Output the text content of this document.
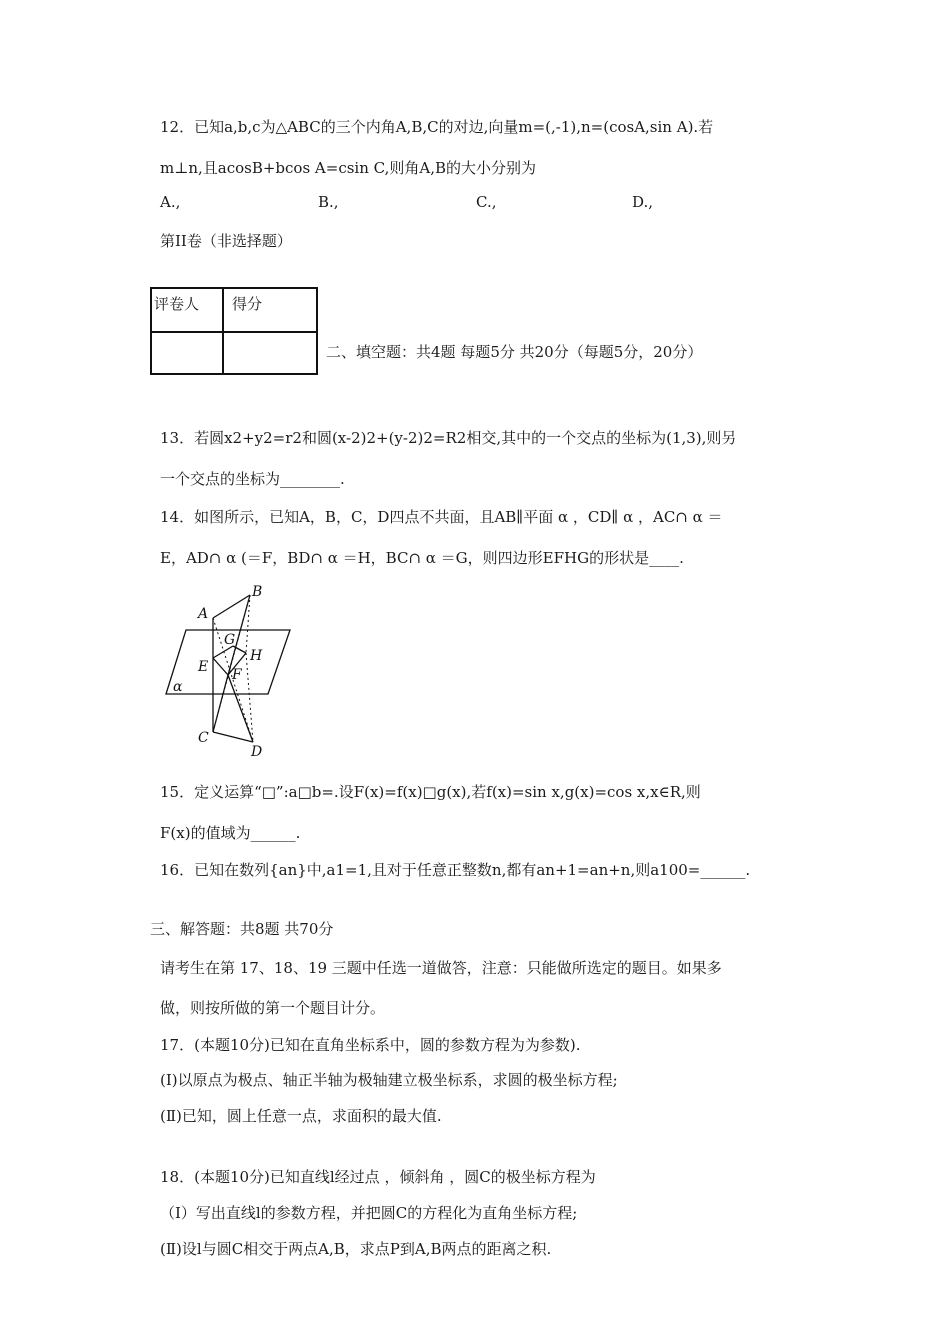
12．已知a,b,c为△ABC的三个内角A,B,C的对边,向量m=(,-1),n=(cosA,sin A).若
m⊥n,且acosB+bcos A=csin C,则角A,B的大小分别为
A.,	B.,	C.,	D.,
第II卷（非选择题）
评卷人	得分

二、填空题：共4题 每题5分 共20分（每题5分，20分）
13．若圆x2+y2=r2和圆(x-2)2+(y-2)2=R2相交,其中的一个交点的坐标为(1,3),则另
一个交点的坐标为________.
14．如图所示，已知A，B，C，D四点不共面，且AB∥平面 α ，CD∥ α ，AC∩ α ＝
E，AD∩ α (＝F，BD∩ α ＝H，BC∩ α ＝G，则四边形EFHG的形状是____.
A
B
C
D
E F
G
H
α
15．定义运算“□”:a□b=.设F(x)=f(x)□g(x),若f(x)=sin x,g(x)=cos x,x∈R,则
F(x)的值域为______.
16．已知在数列{an}中,a1=1,且对于任意正整数n,都有an+1=an+n,则a100=______.
三、解答题：共8题 共70分
请考生在第 17、18、19 三题中任选一道做答，注意：只能做所选定的题目。如果多
做，则按所做的第一个题目计分。
17．(本题10分)已知在直角坐标系中，圆的参数方程为为参数).
(Ⅰ)以原点为极点、轴正半轴为极轴建立极坐标系，求圆的极坐标方程;
(Ⅱ)已知，圆上任意一点，求面积的最大值.
18．(本题10分)已知直线l经过点 ，倾斜角 ，圆C的极坐标方程为
（Ⅰ）写出直线l的参数方程，并把圆C的方程化为直角坐标方程;
(Ⅱ)设l与圆C相交于两点A,B，求点P到A,B两点的距离之积.
